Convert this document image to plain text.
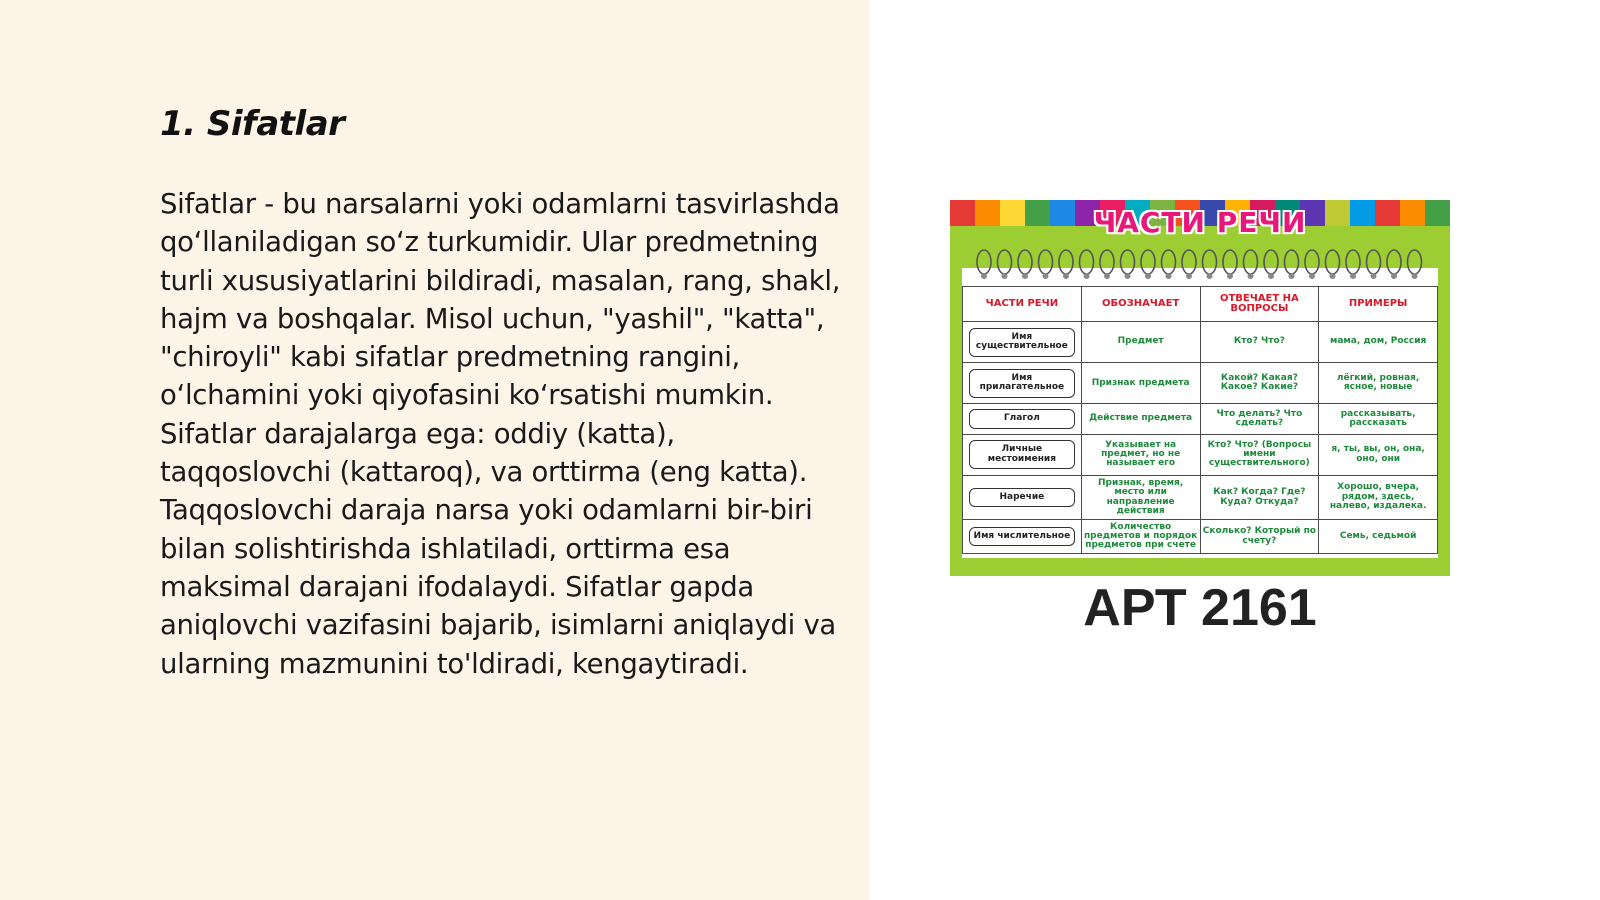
1. Sifatlar

Sifatlar - bu narsalarni yoki odamlarni tasvirlashda qo‘llaniladigan so‘z turkumidir. Ular predmetning turli xususiyatlarini bildiradi, masalan, rang, shakl, hajm va boshqalar. Misol uchun, "yashil", "katta", "chiroyli" kabi sifatlar predmetning rangini, o‘lchamini yoki qiyofasini ko‘rsatishi mumkin. Sifatlar darajalarga ega: oddiy (katta), taqqoslovchi (kattaroq), va orttirma (eng katta). Taqqoslovchi daraja narsa yoki odamlarni bir-biri bilan solishtirishda ishlatiladi, orttirma esa maksimal darajani ifodalaydi. Sifatlar gapda aniqlovchi vazifasini bajarib, isimlarni aniqlaydi va ularning mazmunini to'ldiradi, kengaytiradi.

ЧАСТИ РЕЧИ
ЧАСТИ РЕЧИ	ОБОЗНАЧАЕТ	ОТВЕЧАЕТ НА ВОПРОСЫ	ПРИМЕРЫ

Имя существительное	Предмет	Кто? Что?	мама, дом, Россия

Имя прилагательное	Признак предмета	Какой? Какая? Какое? Какие?	лёгкий, ровная, ясное, новые

Глагол	Действие предмета	Что делать? Что сделать?	рассказывать, рассказать

Личные местоимения	Указывает на предмет, но не называет его	Кто? Что? (Вопросы имени существительного)	я, ты, вы, он, она, оно, они

Наречие	Признак, время, место или направление действия	Как? Когда? Где? Куда? Откуда?	Хорошо, вчера, рядом, здесь, налево, издалека.

Имя числительное	Количество предметов и порядок предметов при счете	Сколько? Который по счету?	Семь, седьмой
АРТ 2161
